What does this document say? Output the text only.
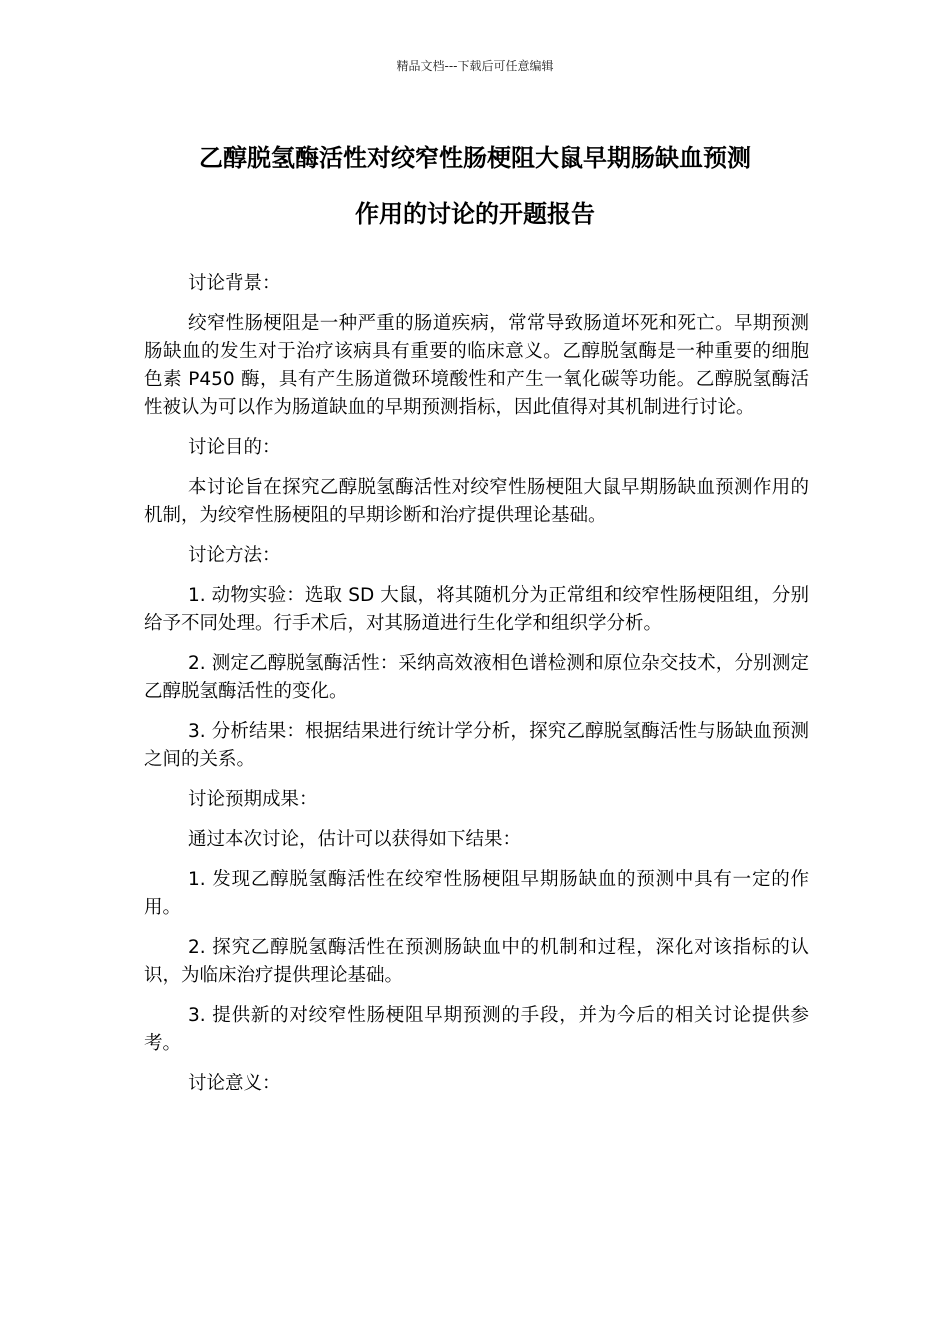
精品文档---下载后可任意编辑
乙醇脱氢酶活性对绞窄性肠梗阻大鼠早期肠缺血预测
作用的讨论的开题报告

讨论背景：

绞窄性肠梗阻是一种严重的肠道疾病，常常导致肠道坏死和死亡。早期预测肠缺血的发生对于治疗该病具有重要的临床意义。乙醇脱氢酶是一种重要的细胞色素 P450 酶，具有产生肠道微环境酸性和产生一氧化碳等功能。乙醇脱氢酶活性被认为可以作为肠道缺血的早期预测指标，因此值得对其机制进行讨论。

讨论目的：

本讨论旨在探究乙醇脱氢酶活性对绞窄性肠梗阻大鼠早期肠缺血预测作用的机制，为绞窄性肠梗阻的早期诊断和治疗提供理论基础。

讨论方法：

1. 动物实验：选取 SD 大鼠，将其随机分为正常组和绞窄性肠梗阻组，分别给予不同处理。行手术后，对其肠道进行生化学和组织学分析。

2. 测定乙醇脱氢酶活性：采纳高效液相色谱检测和原位杂交技术，分别测定乙醇脱氢酶活性的变化。

3. 分析结果：根据结果进行统计学分析，探究乙醇脱氢酶活性与肠缺血预测之间的关系。

讨论预期成果：

通过本次讨论，估计可以获得如下结果：

1. 发现乙醇脱氢酶活性在绞窄性肠梗阻早期肠缺血的预测中具有一定的作用。

2. 探究乙醇脱氢酶活性在预测肠缺血中的机制和过程，深化对该指标的认识，为临床治疗提供理论基础。

3. 提供新的对绞窄性肠梗阻早期预测的手段，并为今后的相关讨论提供参考。

讨论意义：
